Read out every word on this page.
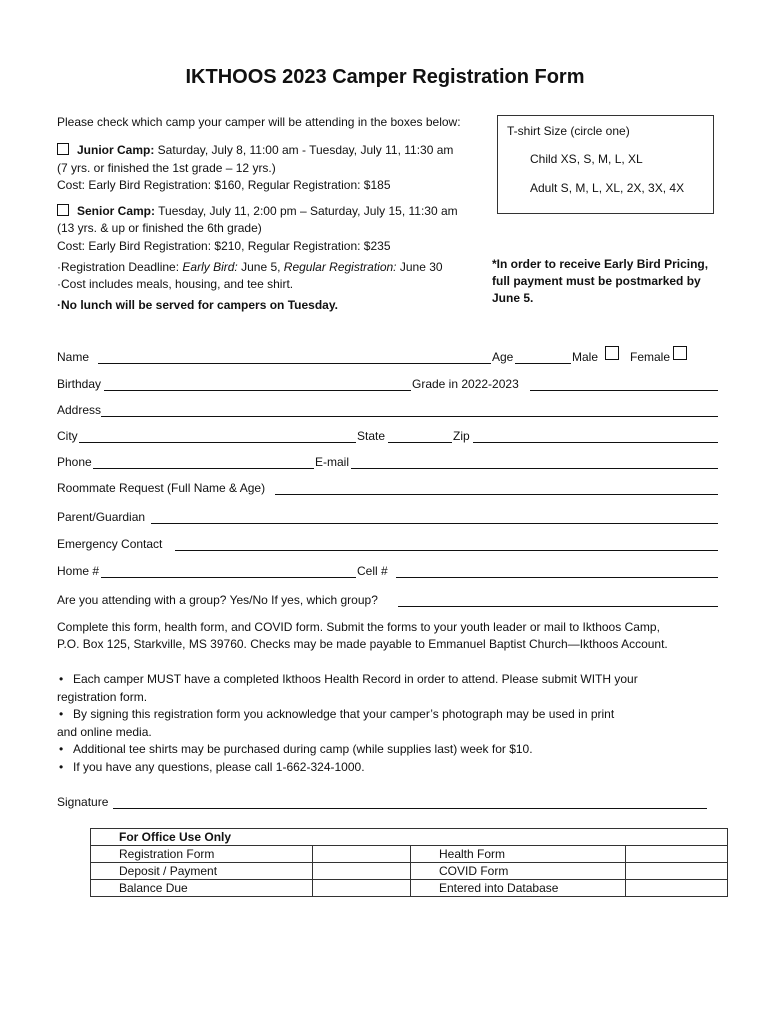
IKTHOOS 2023 Camper Registration Form
Please check which camp your camper will be attending in the boxes below:
Junior Camp: Saturday, July 8, 11:00 am - Tuesday, July 11, 11:30 am
(7 yrs. or finished the 1st grade – 12 yrs.)
Cost: Early Bird Registration: $160, Regular Registration: $185
Senior Camp: Tuesday, July 11, 2:00 pm – Saturday, July 15, 11:30 am
(13 yrs. & up or finished the 6th grade)
Cost: Early Bird Registration: $210, Regular Registration: $235
·Registration Deadline: Early Bird: June 5, Regular Registration: June 30
·Cost includes meals, housing, and tee shirt.
·No lunch will be served for campers on Tuesday.
T-shirt Size (circle one)
Child XS, S, M, L, XL
Adult S, M, L, XL, 2X, 3X, 4X
*In order to receive Early Bird Pricing,
full payment must be postmarked by
June 5.
Name	Age	Male	Female
Birthday	Grade in 2022-2023
Address
City	State	Zip
Phone	E-mail
Roommate Request (Full Name & Age)
Parent/Guardian
Emergency Contact
Home #	Cell #
Are you attending with a group? Yes/No If yes, which group?
Complete this form, health form, and COVID form. Submit the forms to your youth leader or mail to Ikthoos Camp,
P.O. Box 125, Starkville, MS 39760. Checks may be made payable to Emmanuel Baptist Church—Ikthoos Account.
• Each camper MUST have a completed Ikthoos Health Record in order to attend. Please submit WITH your
registration form.
• By signing this registration form you acknowledge that your camper’s photograph may be used in print
and online media.
• Additional tee shirts may be purchased during camp (while supplies last) week for $10.
• If you have any questions, please call 1-662-324-1000.
Signature
For Office Use Only			
Registration Form		Health Form	
Deposit / Payment		COVID Form	
Balance Due		Entered into Database	
